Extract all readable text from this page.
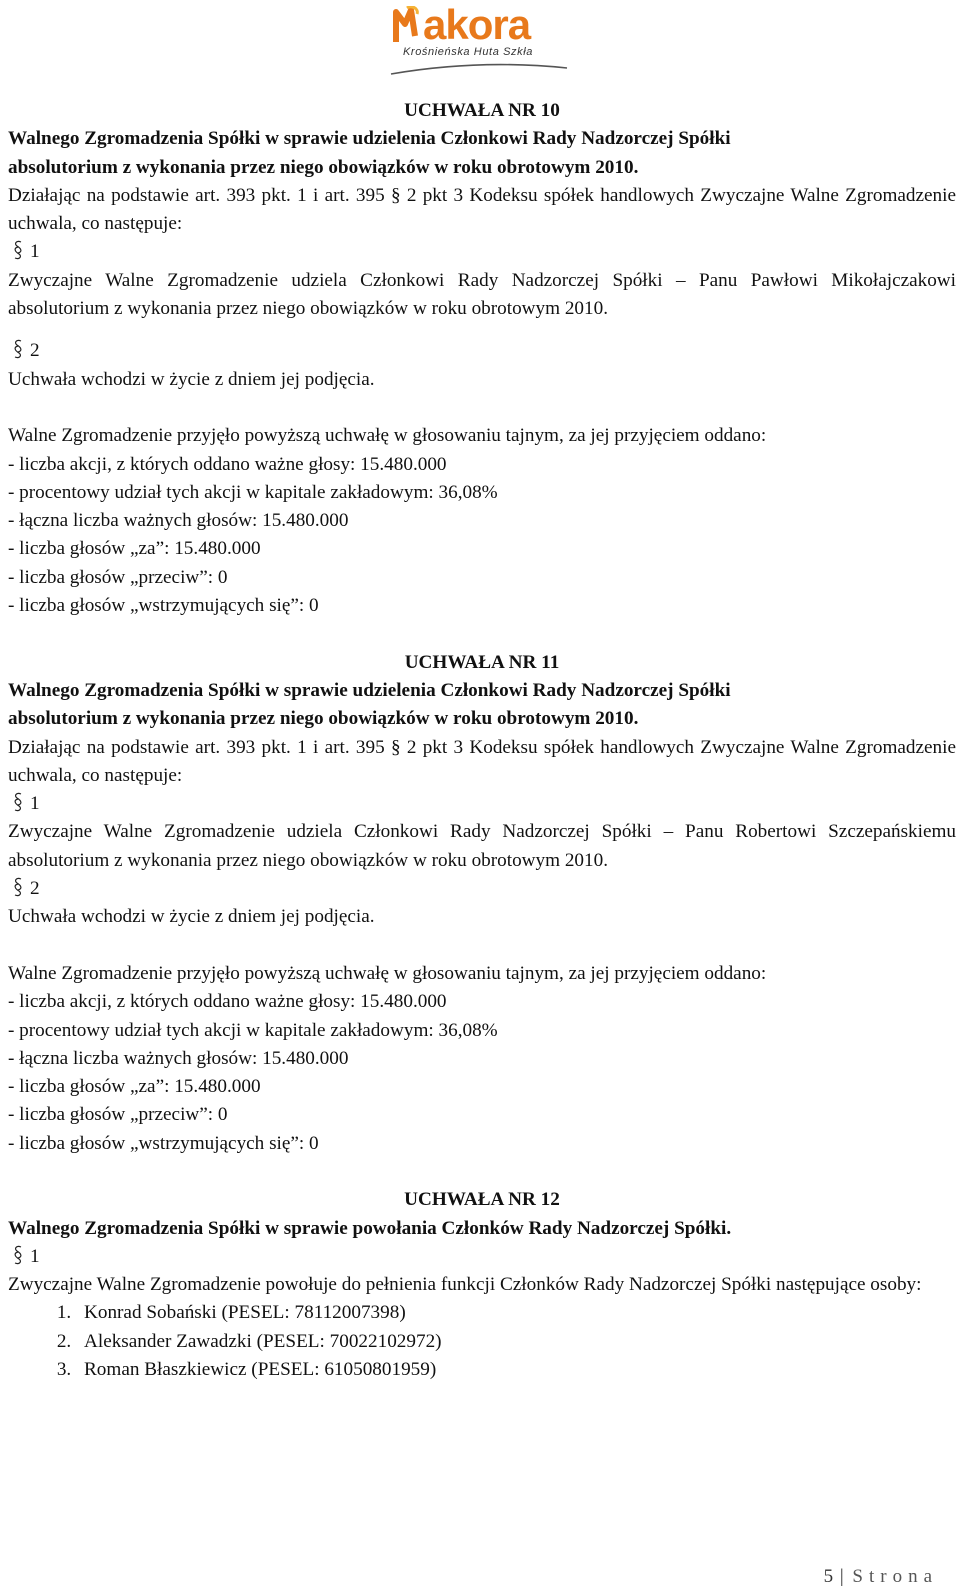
akora
Krośnieńska Huta Szkła

UCHWAŁA NR 10

Walnego Zgromadzenia Spółki w sprawie udzielenia Członkowi Rady Nadzorczej Spółki

absolutorium z wykonania przez niego obowiązków w roku obrotowym 2010.

Działając na podstawie art. 393 pkt. 1 i art. 395 § 2 pkt 3 Kodeksu spółek handlowych Zwyczajne Walne Zgromadzenie uchwala, co następuje:

1

Zwyczajne Walne Zgromadzenie udziela Członkowi Rady Nadzorczej Spółki – Panu Pawłowi Mikołajczakowi absolutorium z wykonania przez niego obowiązków w roku obrotowym 2010.

2

Uchwała wchodzi w życie z dniem jej podjęcia.

Walne Zgromadzenie przyjęło powyższą uchwałę w głosowaniu tajnym, za jej przyjęciem oddano:

- liczba akcji, z których oddano ważne głosy: 15.480.000

- procentowy udział tych akcji w kapitale zakładowym: 36,08%

- łączna liczba ważnych głosów: 15.480.000

- liczba głosów „za”: 15.480.000

- liczba głosów „przeciw”: 0

- liczba głosów „wstrzymujących się”: 0

UCHWAŁA NR 11

Walnego Zgromadzenia Spółki w sprawie udzielenia Członkowi Rady Nadzorczej Spółki

absolutorium z wykonania przez niego obowiązków w roku obrotowym 2010.

Działając na podstawie art. 393 pkt. 1 i art. 395 § 2 pkt 3 Kodeksu spółek handlowych Zwyczajne Walne Zgromadzenie uchwala, co następuje:

1

Zwyczajne Walne Zgromadzenie udziela Członkowi Rady Nadzorczej Spółki – Panu Robertowi Szczepańskiemu absolutorium z wykonania przez niego obowiązków w roku obrotowym 2010.

2

Uchwała wchodzi w życie z dniem jej podjęcia.

Walne Zgromadzenie przyjęło powyższą uchwałę w głosowaniu tajnym, za jej przyjęciem oddano:

- liczba akcji, z których oddano ważne głosy: 15.480.000

- procentowy udział tych akcji w kapitale zakładowym: 36,08%

- łączna liczba ważnych głosów: 15.480.000

- liczba głosów „za”: 15.480.000

- liczba głosów „przeciw”: 0

- liczba głosów „wstrzymujących się”: 0

UCHWAŁA NR 12

Walnego Zgromadzenia Spółki w sprawie powołania Członków Rady Nadzorczej Spółki.

1

Zwyczajne Walne Zgromadzenie powołuje do pełnienia funkcji Członków Rady Nadzorczej Spółki następujące osoby:

1. Konrad Sobański (PESEL: 78112007398)
2. Aleksander Zawadzki (PESEL: 70022102972)
3. Roman Błaszkiewicz (PESEL: 61050801959)
5 | Strona
